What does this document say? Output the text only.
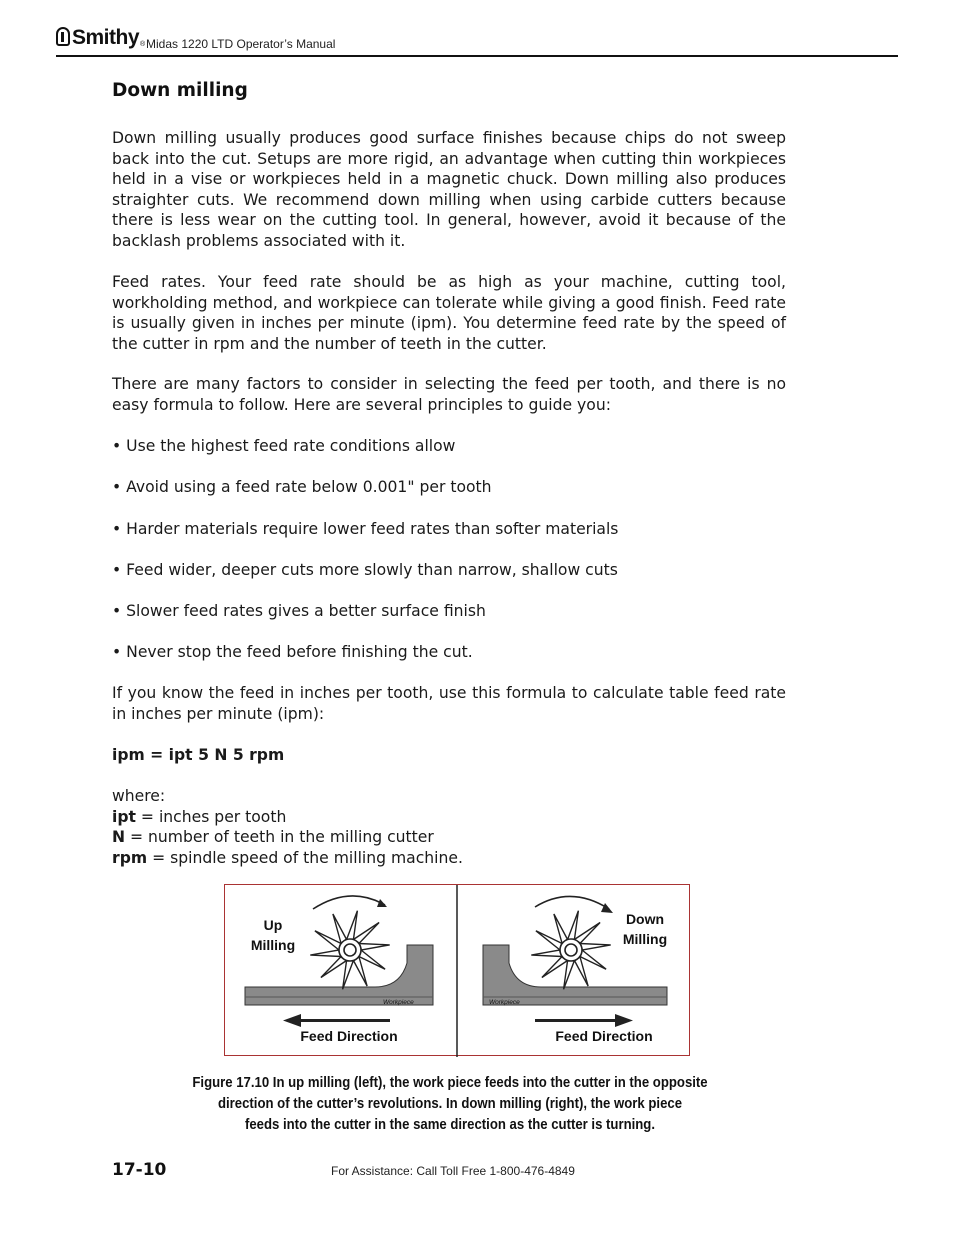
Smithy® Midas 1220 LTD Operator’s Manual
Down milling

Down milling usually produces good surface finishes because chips do not sweep back into the cut. Setups are more rigid, an advantage when cutting thin workpieces held in a vise or workpieces held in a magnetic chuck. Down milling also produces straighter cuts. We recommend down milling when using carbide cutters because there is less wear on the cutting tool. In general, however, avoid it because of the backlash problems associated with it.

Feed rates. Your feed rate should be as high as your machine, cutting tool, workholding method, and workpiece can tolerate while giving a good finish. Feed rate is usually given in inches per minute (ipm). You determine feed rate by the speed of the cutter in rpm and the number of teeth in the cutter.

There are many factors to consider in selecting the feed per tooth, and there is no easy formula to follow. Here are several principles to guide you:

• Use the highest feed rate conditions allow

• Avoid using a feed rate below 0.001" per tooth

• Harder materials require lower feed rates than softer materials

• Feed wider, deeper cuts more slowly than narrow, shallow cuts

• Slower feed rates gives a better surface finish

• Never stop the feed before finishing the cut.

If you know the feed in inches per tooth, use this formula to calculate table feed rate in inches per minute (ipm):

ipm = ipt 5 N 5 rpm

where:

ipt = inches per tooth

N = number of teeth in the milling cutter

rpm = spindle speed of the milling machine.

Up
Milling
Workpiece
Feed Direction
Down
Milling
Workpiece
Feed Direction
Figure 17.10 In up milling (left), the work piece feeds into the cutter in the opposite
direction of the cutter’s revolutions. In down milling (right), the work piece
feeds into the cutter in the same direction as the cutter is turning.
17-10	For Assistance: Call Toll Free 1-800-476-4849
